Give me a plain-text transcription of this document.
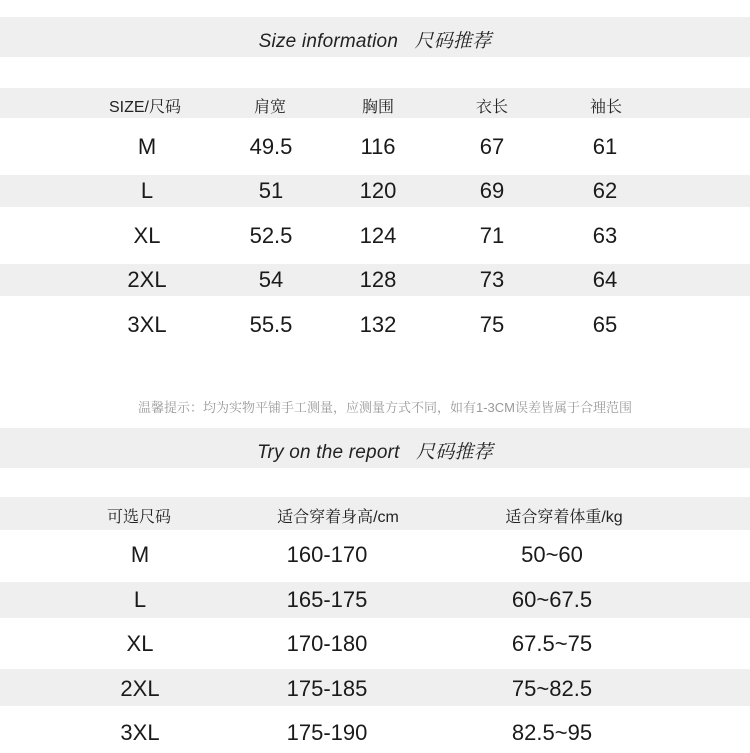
Size information   尺码推荐
SIZE/尺码	肩宽	胸围	衣长	袖长
M	49.5	116	67	61
L	51	120	69	62
XL	52.5	124	71	63
2XL	54	128	73	64
3XL	55.5	132	75	65
温馨提示：均为实物平铺手工测量，应测量方式不同，如有1-3CM误差皆属于合理范围
Try on the report   尺码推荐
可选尺码	适合穿着身高/cm	适合穿着体重/kg
M	160-170	50~60
L	165-175	60~67.5
XL	170-180	67.5~75
2XL	175-185	75~82.5
3XL	175-190	82.5~95
